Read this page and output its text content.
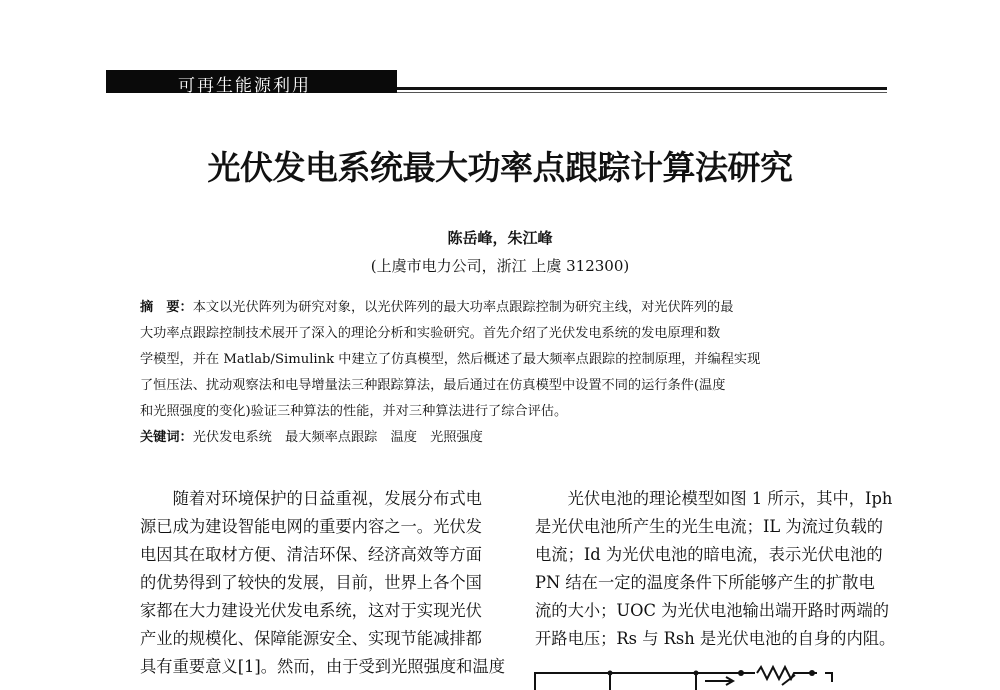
可再生能源利用
光伏发电系统最大功率点跟踪计算法研究
陈岳峰，朱江峰
(上虞市电力公司，浙江 上虞 312300)
摘　要：本文以光伏阵列为研究对象，以光伏阵列的最大功率点跟踪控制为研究主线，对光伏阵列的最
大功率点跟踪控制技术展开了深入的理论分析和实验研究。首先介绍了光伏发电系统的发电原理和数
学模型，并在 Matlab/Simulink 中建立了仿真模型，然后概述了最大频率点跟踪的控制原理，并编程实现
了恒压法、扰动观察法和电导增量法三种跟踪算法，最后通过在仿真模型中设置不同的运行条件(温度
和光照强度的变化)验证三种算法的性能，并对三种算法进行了综合评估。
关键词：光伏发电系统　最大频率点跟踪　温度　光照强度
　　随着对环境保护的日益重视，发展分布式电
源已成为建设智能电网的重要内容之一。光伏发
电因其在取材方便、清洁环保、经济高效等方面
的优势得到了较快的发展，目前，世界上各个国
家都在大力建设光伏发电系统，这对于实现光伏
产业的规模化、保障能源安全、实现节能减排都
具有重要意义[1]。然而，由于受到光照强度和温度
　　光伏电池的理论模型如图 1 所示，其中，Iph
是光伏电池所产生的光生电流；IL 为流过负载的
电流；Id 为光伏电池的暗电流，表示光伏电池的
PN 结在一定的温度条件下所能够产生的扩散电
流的大小；UOC 为光伏电池输出端开路时两端的
开路电压；Rs 与 Rsh 是光伏电池的自身的内阻。
